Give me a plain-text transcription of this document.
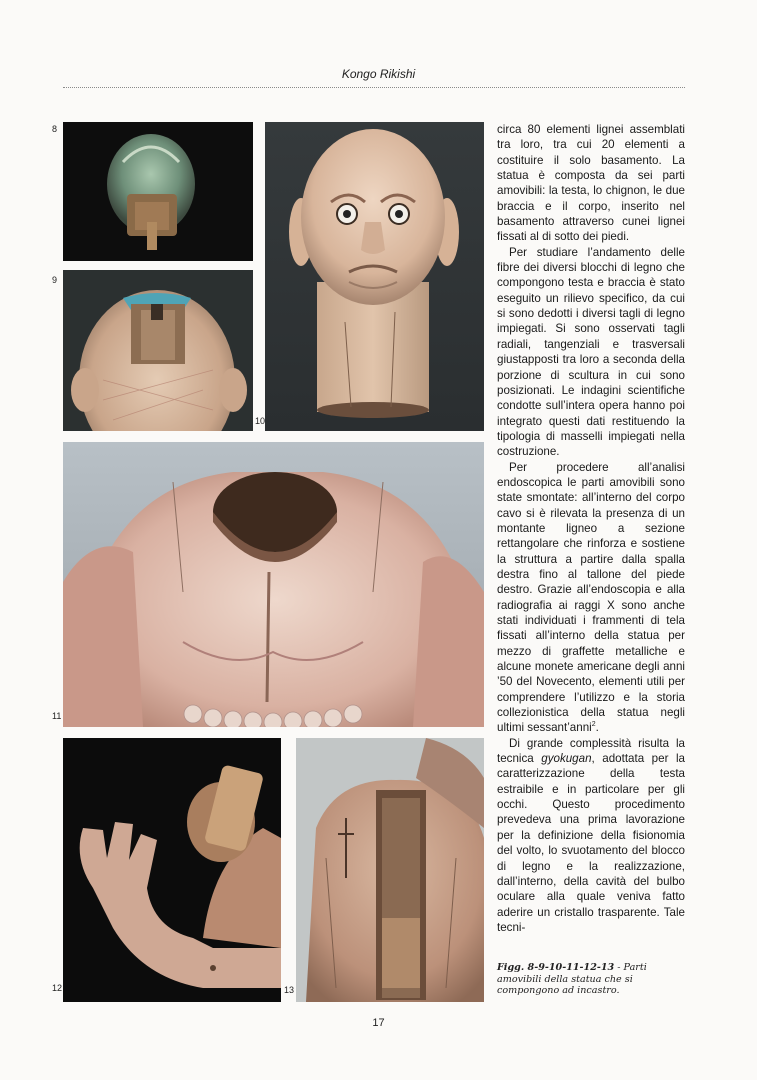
Kongo Rikishi
8
9
10
11
12	13

circa 80 elementi lignei assemblati tra loro, tra cui 20 elementi a costituire il solo basamento. La statua è composta da sei parti amovibili: la testa, lo chignon, le due braccia e il corpo, inserito nel basamento attraverso cunei lignei fissati al di sotto dei piedi.

Per studiare l’andamento delle fibre dei diversi blocchi di legno che compongono testa e braccia è stato eseguito un rilievo specifico, da cui si sono dedotti i diversi tagli di legno impiegati. Si sono osservati tagli radiali, tangenziali e trasversali giustapposti tra loro a seconda della porzione di scultura in cui sono posizionati. Le indagini scientifiche condotte sull’intera opera hanno poi integrato questi dati restituendo la tipologia di masselli impiegati nella costruzione.

Per procedere all’analisi endoscopica le parti amovibili sono state smontate: all’interno del corpo cavo si è rilevata la presenza di un montante ligneo a sezione rettangolare che rinforza e sostiene la struttura a partire dalla spalla destra fino al tallone del piede destro. Grazie all’endoscopia e alla radiografia ai raggi X sono anche stati individuati i frammenti di tela fissati all’interno della statua per mezzo di graffette metalliche e alcune monete americane degli anni ’50 del Novecento, elementi utili per comprendere l’utilizzo e la storia collezionistica della statua negli ultimi sessant’anni$^2$.

Di grande complessità risulta la tecnica gyokugan, adottata per la caratterizzazione della testa estraibile e in particolare per gli occhi. Questo procedimento prevedeva una prima lavorazione per la definizione della fisionomia del volto, lo svuotamento del blocco di legno e la realizzazione, dall’interno, della cavità del bulbo oculare alla quale veniva fatto aderire un cristallo trasparente. Tale tecni-

Figg. 8-9-10-11-12-13 - Parti amovibili della statua che si compongono ad incastro.
17
